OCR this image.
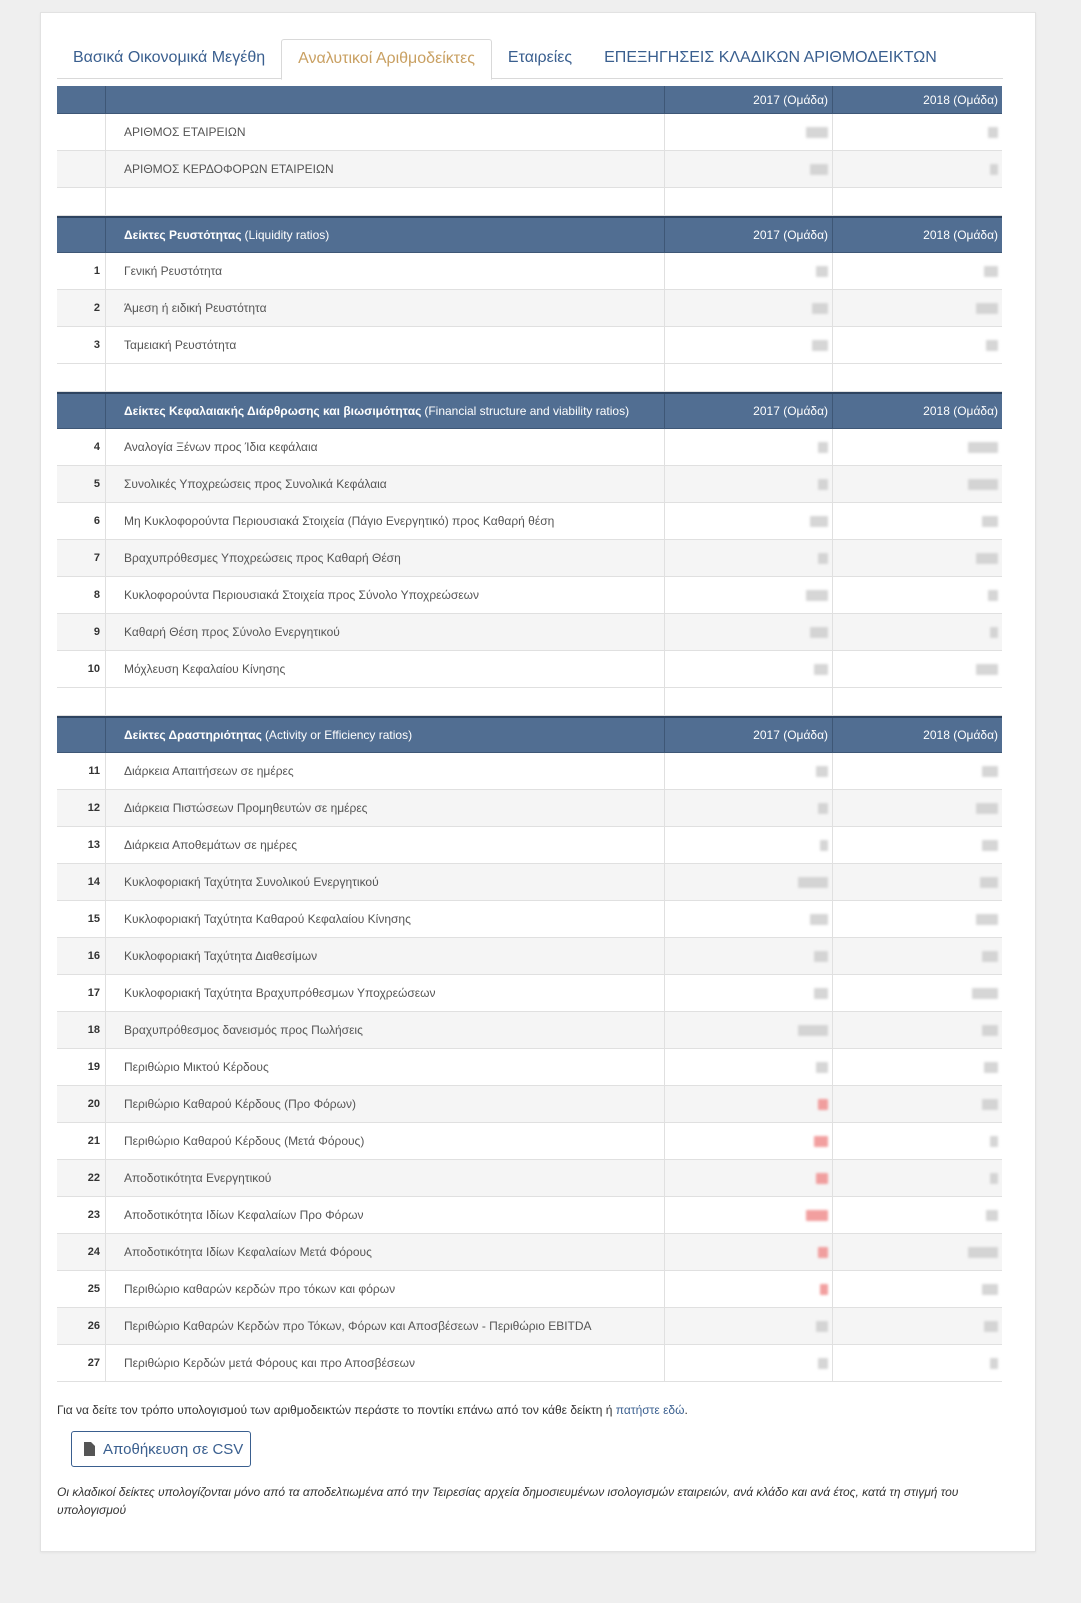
Βασικά Οικονομικά Μεγέθη	Αναλυτικοί Αριθμοδείκτες	Εταιρείες	ΕΠΕΞΗΓΗΣΕΙΣ ΚΛΑΔΙΚΩΝ ΑΡΙΘΜΟΔΕΙΚΤΩΝ
2017 (Ομάδα)	2018 (Ομάδα)
ΑΡΙΘΜΟΣ ΕΤΑΙΡΕΙΩΝ
ΑΡΙΘΜΟΣ ΚΕΡΔΟΦΟΡΩΝ ΕΤΑΙΡΕΙΩΝ
Δείκτες Ρευστότητας (Liquidity ratios)	2017 (Ομάδα)	2018 (Ομάδα)
1	Γενική Ρευστότητα
2	Άμεση ή ειδική Ρευστότητα
3	Ταμειακή Ρευστότητα
Δείκτες Κεφαλαιακής Διάρθρωσης και βιωσιμότητας (Financial structure and viability ratios)	2017 (Ομάδα)	2018 (Ομάδα)
4	Αναλογία Ξένων προς Ίδια κεφάλαια
5	Συνολικές Υποχρεώσεις προς Συνολικά Κεφάλαια
6	Μη Κυκλοφορούντα Περιουσιακά Στοιχεία (Πάγιο Ενεργητικό) προς Καθαρή θέση
7	Βραχυπρόθεσμες Υποχρεώσεις προς Καθαρή Θέση
8	Κυκλοφορούντα Περιουσιακά Στοιχεία προς Σύνολο Υποχρεώσεων
9	Καθαρή Θέση προς Σύνολο Ενεργητικού
10	Μόχλευση Κεφαλαίου Κίνησης
Δείκτες Δραστηριότητας (Activity or Efficiency ratios)	2017 (Ομάδα)	2018 (Ομάδα)
11	Διάρκεια Απαιτήσεων σε ημέρες
12	Διάρκεια Πιστώσεων Προμηθευτών σε ημέρες
13	Διάρκεια Αποθεμάτων σε ημέρες
14	Κυκλοφοριακή Ταχύτητα Συνολικού Ενεργητικού
15	Κυκλοφοριακή Ταχύτητα Καθαρού Κεφαλαίου Κίνησης
16	Κυκλοφοριακή Ταχύτητα Διαθεσίμων
17	Κυκλοφοριακή Ταχύτητα Βραχυπρόθεσμων Υποχρεώσεων
18	Βραχυπρόθεσμος δανεισμός προς Πωλήσεις
19	Περιθώριο Μικτού Κέρδους
20	Περιθώριο Καθαρού Κέρδους (Προ Φόρων)
21	Περιθώριο Καθαρού Κέρδους (Μετά Φόρους)
22	Αποδοτικότητα Ενεργητικού
23	Αποδοτικότητα Ιδίων Κεφαλαίων Προ Φόρων
24	Αποδοτικότητα Ιδίων Κεφαλαίων Μετά Φόρους
25	Περιθώριο καθαρών κερδών προ τόκων και φόρων
26	Περιθώριο Καθαρών Κερδών προ Τόκων, Φόρων και Αποσβέσεων - Περιθώριο EBITDA
27	Περιθώριο Κερδών μετά Φόρους και προ Αποσβέσεων
Για να δείτε τον τρόπο υπολογισμού των αριθμοδεικτών περάστε το ποντίκι επάνω από τον κάθε δείκτη ή πατήστε εδώ.
Αποθήκευση σε CSV
Οι κλαδικοί δείκτες υπολογίζονται μόνο από τα αποδελτιωμένα από την Τειρεσίας αρχεία δημοσιευμένων ισολογισμών εταιρειών, ανά κλάδο και ανά έτος, κατά τη στιγμή του υπολογισμού
